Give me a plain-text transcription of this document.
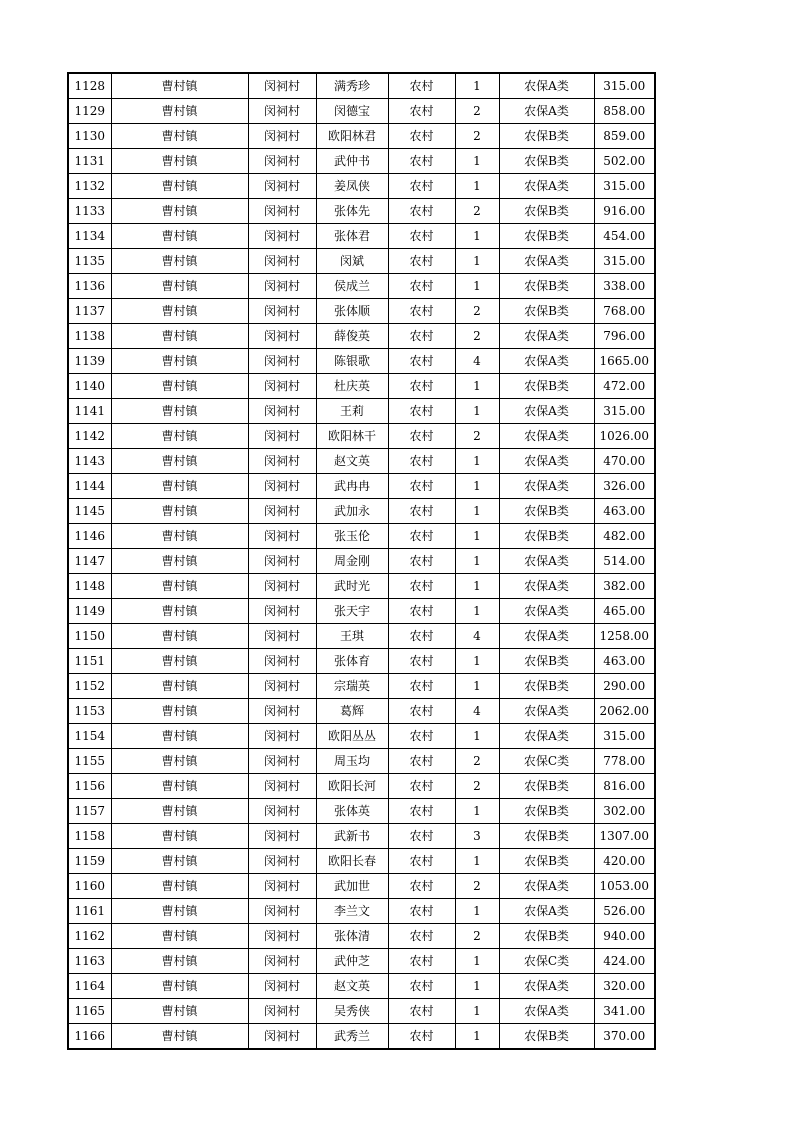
1128	曹村镇	闵祠村	满秀珍	农村	1	农保A类	315.00
1129	曹村镇	闵祠村	闵德宝	农村	2	农保A类	858.00
1130	曹村镇	闵祠村	欧阳林君	农村	2	农保B类	859.00
1131	曹村镇	闵祠村	武仲书	农村	1	农保B类	502.00
1132	曹村镇	闵祠村	姜凤侠	农村	1	农保A类	315.00
1133	曹村镇	闵祠村	张体先	农村	2	农保B类	916.00
1134	曹村镇	闵祠村	张体君	农村	1	农保B类	454.00
1135	曹村镇	闵祠村	闵斌	农村	1	农保A类	315.00
1136	曹村镇	闵祠村	侯成兰	农村	1	农保B类	338.00
1137	曹村镇	闵祠村	张体顺	农村	2	农保B类	768.00
1138	曹村镇	闵祠村	薛俊英	农村	2	农保A类	796.00
1139	曹村镇	闵祠村	陈银歌	农村	4	农保A类	1665.00
1140	曹村镇	闵祠村	杜庆英	农村	1	农保B类	472.00
1141	曹村镇	闵祠村	王莉	农村	1	农保A类	315.00
1142	曹村镇	闵祠村	欧阳林干	农村	2	农保A类	1026.00
1143	曹村镇	闵祠村	赵文英	农村	1	农保A类	470.00
1144	曹村镇	闵祠村	武冉冉	农村	1	农保A类	326.00
1145	曹村镇	闵祠村	武加永	农村	1	农保B类	463.00
1146	曹村镇	闵祠村	张玉伦	农村	1	农保B类	482.00
1147	曹村镇	闵祠村	周金刚	农村	1	农保A类	514.00
1148	曹村镇	闵祠村	武时光	农村	1	农保A类	382.00
1149	曹村镇	闵祠村	张天宇	农村	1	农保A类	465.00
1150	曹村镇	闵祠村	王琪	农村	4	农保A类	1258.00
1151	曹村镇	闵祠村	张体育	农村	1	农保B类	463.00
1152	曹村镇	闵祠村	宗瑞英	农村	1	农保B类	290.00
1153	曹村镇	闵祠村	葛辉	农村	4	农保A类	2062.00
1154	曹村镇	闵祠村	欧阳丛丛	农村	1	农保A类	315.00
1155	曹村镇	闵祠村	周玉均	农村	2	农保C类	778.00
1156	曹村镇	闵祠村	欧阳长河	农村	2	农保B类	816.00
1157	曹村镇	闵祠村	张体英	农村	1	农保B类	302.00
1158	曹村镇	闵祠村	武新书	农村	3	农保B类	1307.00
1159	曹村镇	闵祠村	欧阳长春	农村	1	农保B类	420.00
1160	曹村镇	闵祠村	武加世	农村	2	农保A类	1053.00
1161	曹村镇	闵祠村	李兰文	农村	1	农保A类	526.00
1162	曹村镇	闵祠村	张体清	农村	2	农保B类	940.00
1163	曹村镇	闵祠村	武仲芝	农村	1	农保C类	424.00
1164	曹村镇	闵祠村	赵文英	农村	1	农保A类	320.00
1165	曹村镇	闵祠村	吴秀侠	农村	1	农保A类	341.00
1166	曹村镇	闵祠村	武秀兰	农村	1	农保B类	370.00
